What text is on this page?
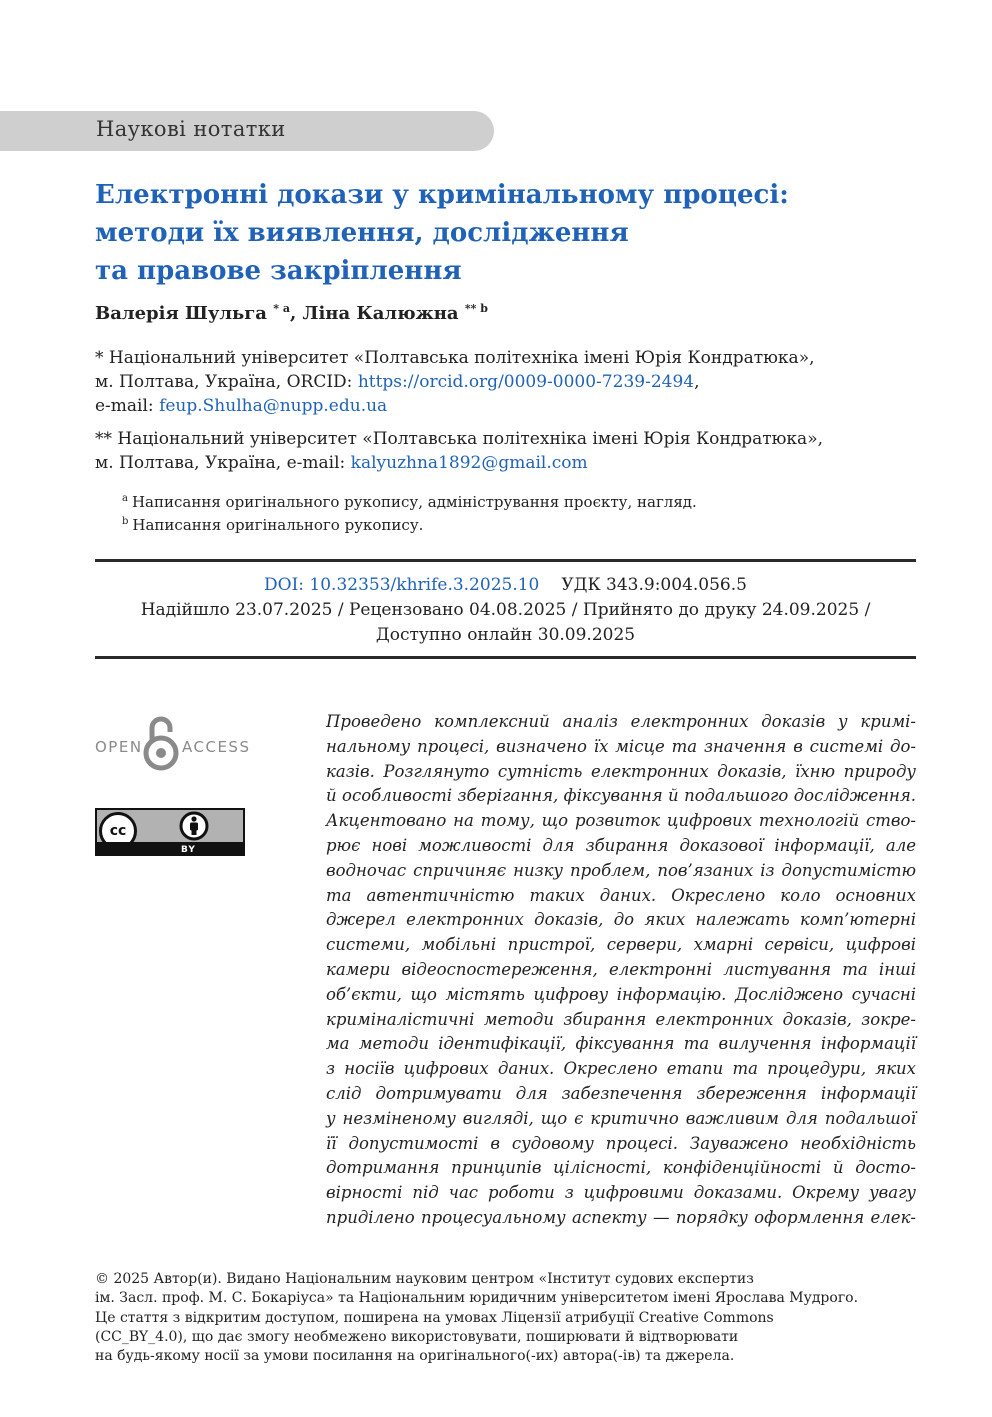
Наукові нотатки
Електронні докази у кримінальному процесі:
методи їх виявлення, дослідження
та правове закріплення
Валерія Шульга $^{* а}$, Ліна Калюжна $^{** b}$
* Національний університет «Полтавська політехніка імені Юрія Кондратюка»,
м. Полтава, Україна, ORCID: https://orcid.org/0009-0000-7239-2494,
e-mail: feup.Shulha@nupp.edu.ua
** Національний університет «Полтавська політехніка імені Юрія Кондратюка»,
м. Полтава, Україна, e-mail: kalyuzhna1892@gmail.com
$^a$ Написання оригінального рукопису, адміністрування проєкту, нагляд.
$^b$ Написання оригінального рукопису.
DOI: 10.32353/khrife.3.2025.10 УДК 343.9:004.056.5
Надійшло 23.07.2025 / Рецензовано 04.08.2025 / Прийнято до друку 24.09.2025 /
Доступно онлайн 30.09.2025
OPEN	ACCESS
cc
BY
Проведено комплексний аналіз електронних доказів у кримі-
нальному процесі, визначено їх місце та значення в системі до-
казів. Розглянуто сутність електронних доказів, їхню природу
й особливості зберігання, фіксування й подальшого дослідження.
Акцентовано на тому, що розвиток цифрових технологій ство-
рює нові можливості для збирання доказової інформації, але
водночас спричиняє низку проблем, пов’язаних із допустимістю
та автентичністю таких даних. Окреслено коло основних
джерел електронних доказів, до яких належать комп’ютерні
системи, мобільні пристрої, сервери, хмарні сервіси, цифрові
камери відеоспостереження, електронні листування та інші
об’єкти, що містять цифрову інформацію. Досліджено сучасні
криміналістичні методи збирання електронних доказів, зокре-
ма методи ідентифікації, фіксування та вилучення інформації
з носіїв цифрових даних. Окреслено етапи та процедури, яких
слід дотримувати для забезпечення збереження інформації
у незміненому вигляді, що є критично важливим для подальшої
її допустимості в судовому процесі. Зауважено необхідність
дотримання принципів цілісності, конфіденційності й досто-
вірності під час роботи з цифровими доказами. Окрему увагу
приділено процесуальному аспекту — порядку оформлення елек-
© 2025 Автор(и). Видано Національним науковим центром «Інститут судових експертиз
ім. Засл. проф. М. С. Бокаріуса» та Національним юридичним університетом імені Ярослава Мудрого.
Це стаття з відкритим доступом, поширена на умовах Ліцензії атрибуції Creative Commons
(CC_BY_4.0), що дає змогу необмежено використовувати, поширювати й відтворювати
на будь-якому носії за умови посилання на оригінального(-их) автора(-ів) та джерела.
